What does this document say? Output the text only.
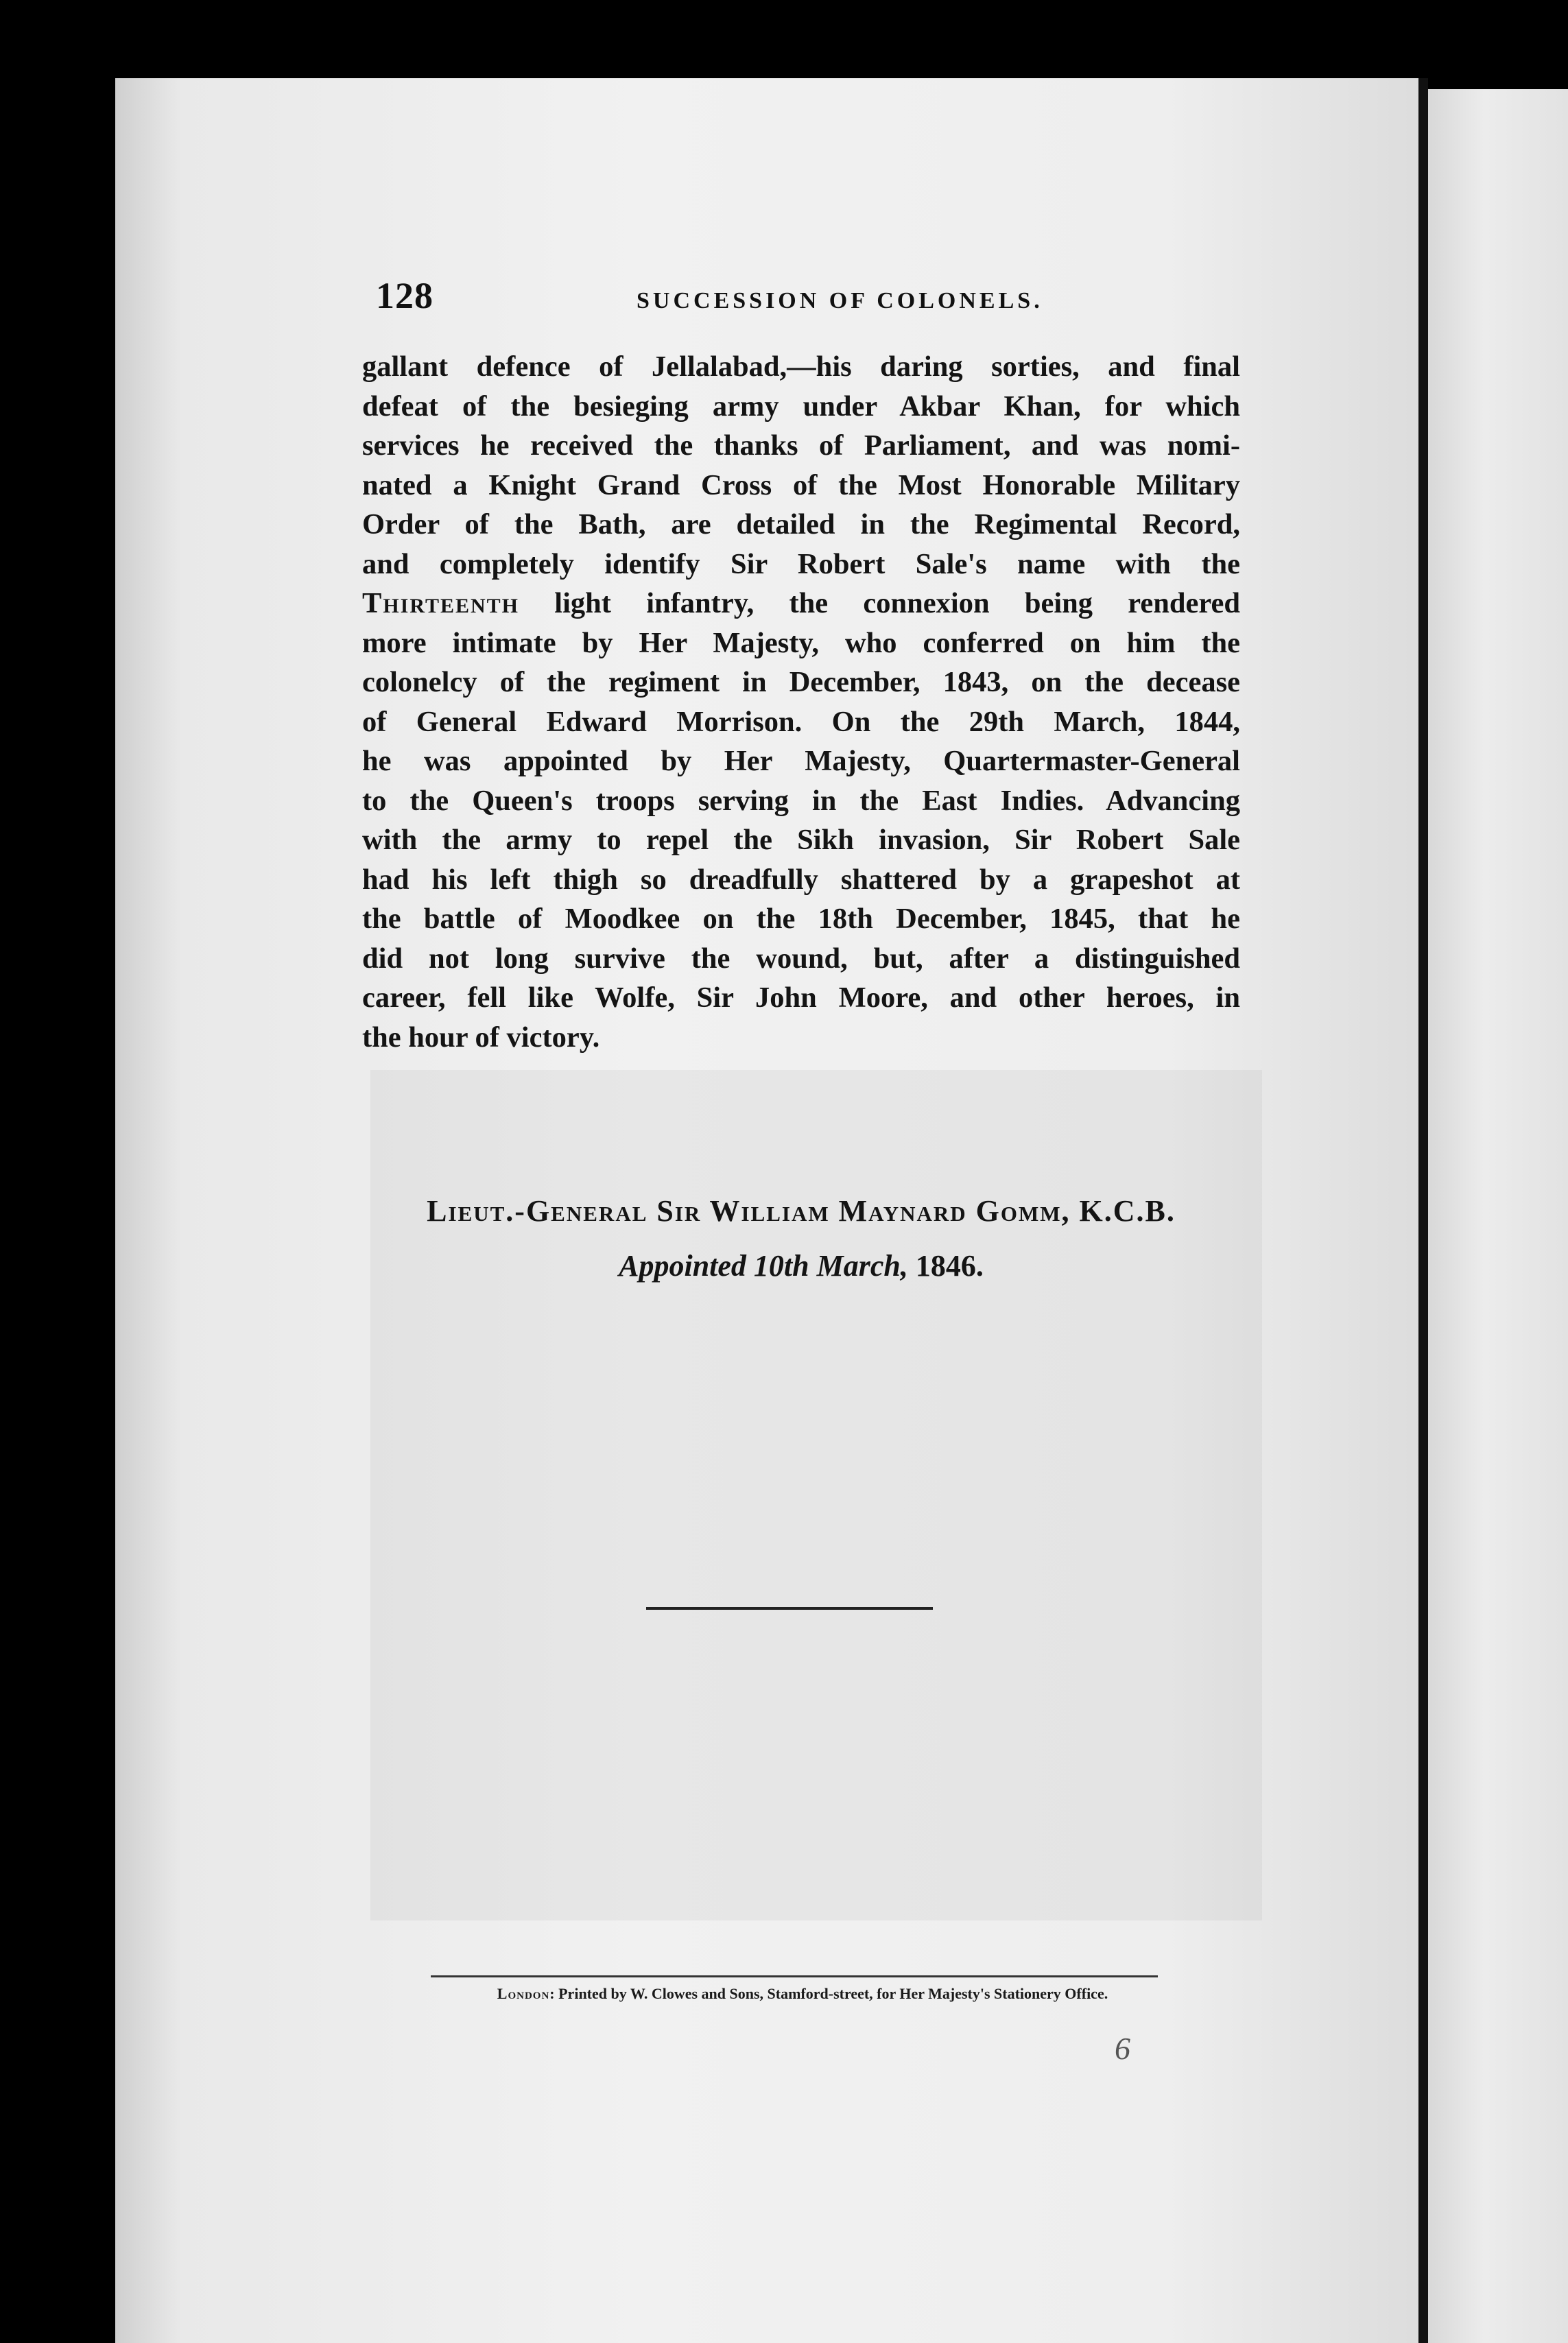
128	SUCCESSION OF COLONELS.
gallant defence of Jellalabad,—his daring sorties, and final
defeat of the besieging army under Akbar Khan, for which
services he received the thanks of Parliament, and was nomi-
nated a Knight Grand Cross of the Most Honorable Military
Order of the Bath, are detailed in the Regimental Record,
and completely identify Sir Robert Sale's name with the
Thirteenth light infantry, the connexion being rendered
more intimate by Her Majesty, who conferred on him the
colonelcy of the regiment in December, 1843, on the decease
of General Edward Morrison. On the 29th March, 1844,
he was appointed by Her Majesty, Quartermaster-General
to the Queen's troops serving in the East Indies. Advancing
with the army to repel the Sikh invasion, Sir Robert Sale
had his left thigh so dreadfully shattered by a grapeshot at
the battle of Moodkee on the 18th December, 1845, that he
did not long survive the wound, but, after a distinguished
career, fell like Wolfe, Sir John Moore, and other heroes, in
the hour of victory.

Lieut.-General Sir William Maynard Gomm, K.C.B.

Appointed 10th March, 1846.

London: Printed by W. Clowes and Sons, Stamford-street, for Her Majesty's Stationery Office.

6
